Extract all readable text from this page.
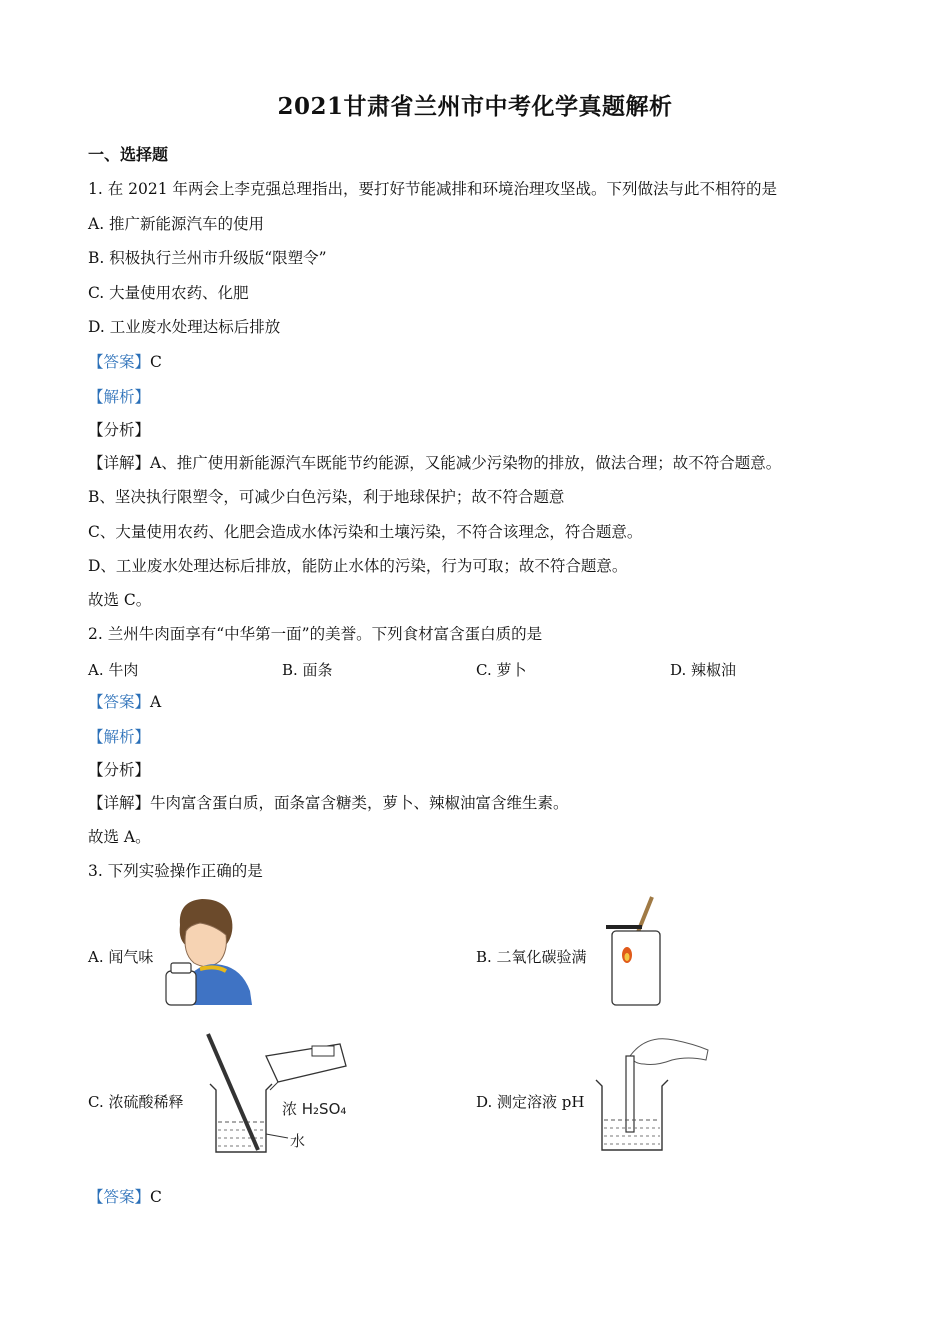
2021甘肃省兰州市中考化学真题解析
一、选择题
1. 在 2021 年两会上李克强总理指出，要打好节能减排和环境治理攻坚战。下列做法与此不相符的是
A. 推广新能源汽车的使用
B. 积极执行兰州市升级版“限塑令”
C. 大量使用农药、化肥
D. 工业废水处理达标后排放
【答案】C
【解析】
【分析】
【详解】A、推广使用新能源汽车既能节约能源，又能减少污染物的排放，做法合理；故不符合题意。
B、坚决执行限塑令，可减少白色污染，利于地球保护；故不符合题意
C、大量使用农药、化肥会造成水体污染和土壤污染，不符合该理念，符合题意。
D、工业废水处理达标后排放，能防止水体的污染，行为可取；故不符合题意。
故选 C。
2. 兰州牛肉面享有“中华第一面”的美誉。下列食材富含蛋白质的是
A. 牛肉	B. 面条	C. 萝卜	D. 辣椒油
【答案】A
【解析】
【分析】
【详解】牛肉富含蛋白质，面条富含糖类，萝卜、辣椒油富含维生素。
故选 A。
3. 下列实验操作正确的是
A. 闻气味	B. 二氧化碳验满
C. 浓硫酸稀释	浓 H₂SO₄
水
D. 测定溶液 pH
【答案】C
